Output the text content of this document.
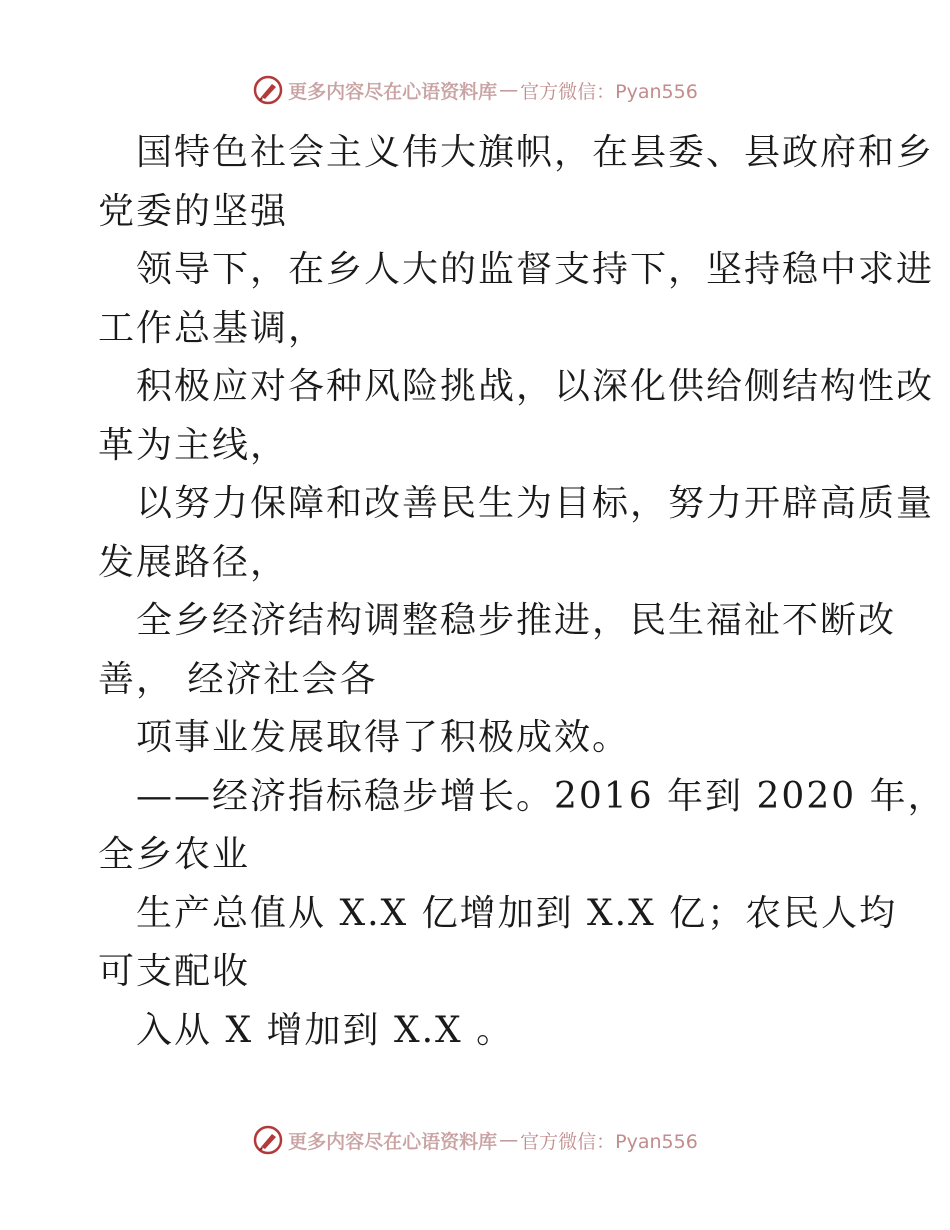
更多内容尽在心语资料库 — 官方微信：Pyan556
国特色社会主义伟大旗帜，在县委、县政府和乡
党委的坚强
领导下，在乡人大的监督支持下，坚持稳中求进
工作总基调，
积极应对各种风险挑战，以深化供给侧结构性改
革为主线，
以努力保障和改善民生为目标，努力开辟高质量
发展路径，
全乡经济结构调整稳步推进，民生福祉不断改
善， 经济社会各
项事业发展取得了积极成效。
——经济指标稳步增长。2016 年到 2020 年，
全乡农业
生产总值从 X.X 亿增加到 X.X 亿；农民人均
可支配收
入从 X 增加到 X.X 。
更多内容尽在心语资料库 — 官方微信：Pyan556
